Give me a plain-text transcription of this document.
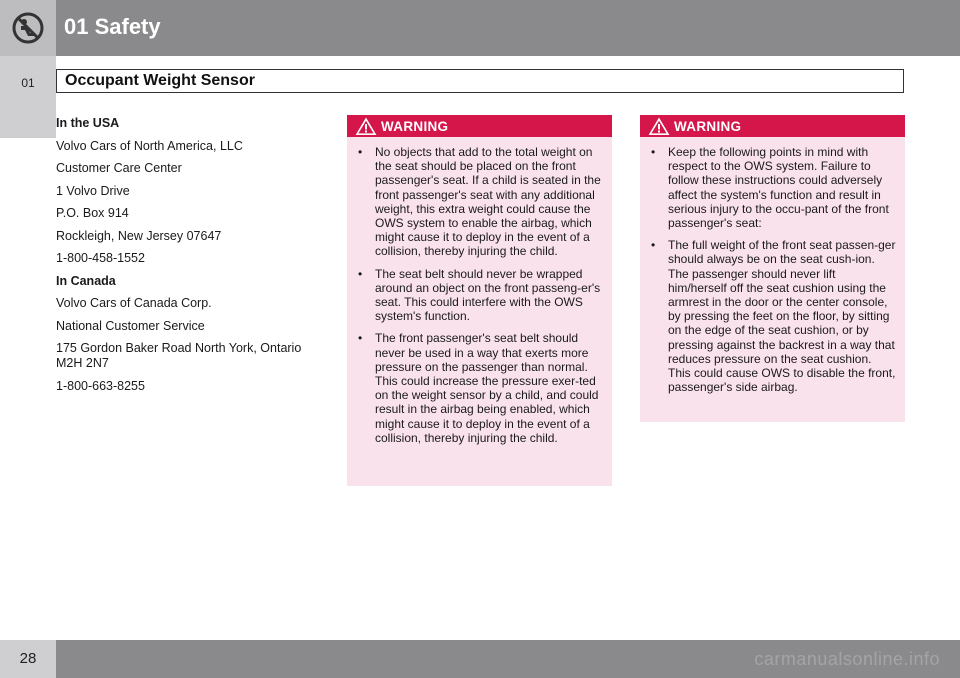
01 Safety
01	Occupant Weight Sensor

In the USA

Volvo Cars of North America, LLC

Customer Care Center

1 Volvo Drive

P.O. Box 914

Rockleigh, New Jersey 07647

1-800-458-1552

In Canada

Volvo Cars of Canada Corp.

National Customer Service

175 Gordon Baker Road North York, Ontario M2H 2N7

1-800-663-8255

WARNING
• No objects that add to the total weight on the seat should be placed on the front passenger's seat. If a child is seated in the front passenger's seat with any additional weight, this extra weight could cause the OWS system to enable the airbag, which might cause it to deploy in the event of a collision, thereby injuring the child.
• The seat belt should never be wrapped around an object on the front passeng-er's seat. This could interfere with the OWS system's function.
• The front passenger's seat belt should never be used in a way that exerts more pressure on the passenger than normal. This could increase the pressure exer-ted on the weight sensor by a child, and could result in the airbag being enabled, which might cause it to deploy in the event of a collision, thereby injuring the child.
WARNING
• Keep the following points in mind with respect to the OWS system. Failure to follow these instructions could adversely affect the system's function and result in serious injury to the occu-pant of the front passenger's seat:
• The full weight of the front seat passen-ger should always be on the seat cush-ion. The passenger should never lift him/herself off the seat cushion using the armrest in the door or the center console, by pressing the feet on the floor, by sitting on the edge of the seat cushion, or by pressing against the backrest in a way that reduces pressure on the seat cushion. This could cause OWS to disable the front, passenger's side airbag.
28	carmanualsonline.info
